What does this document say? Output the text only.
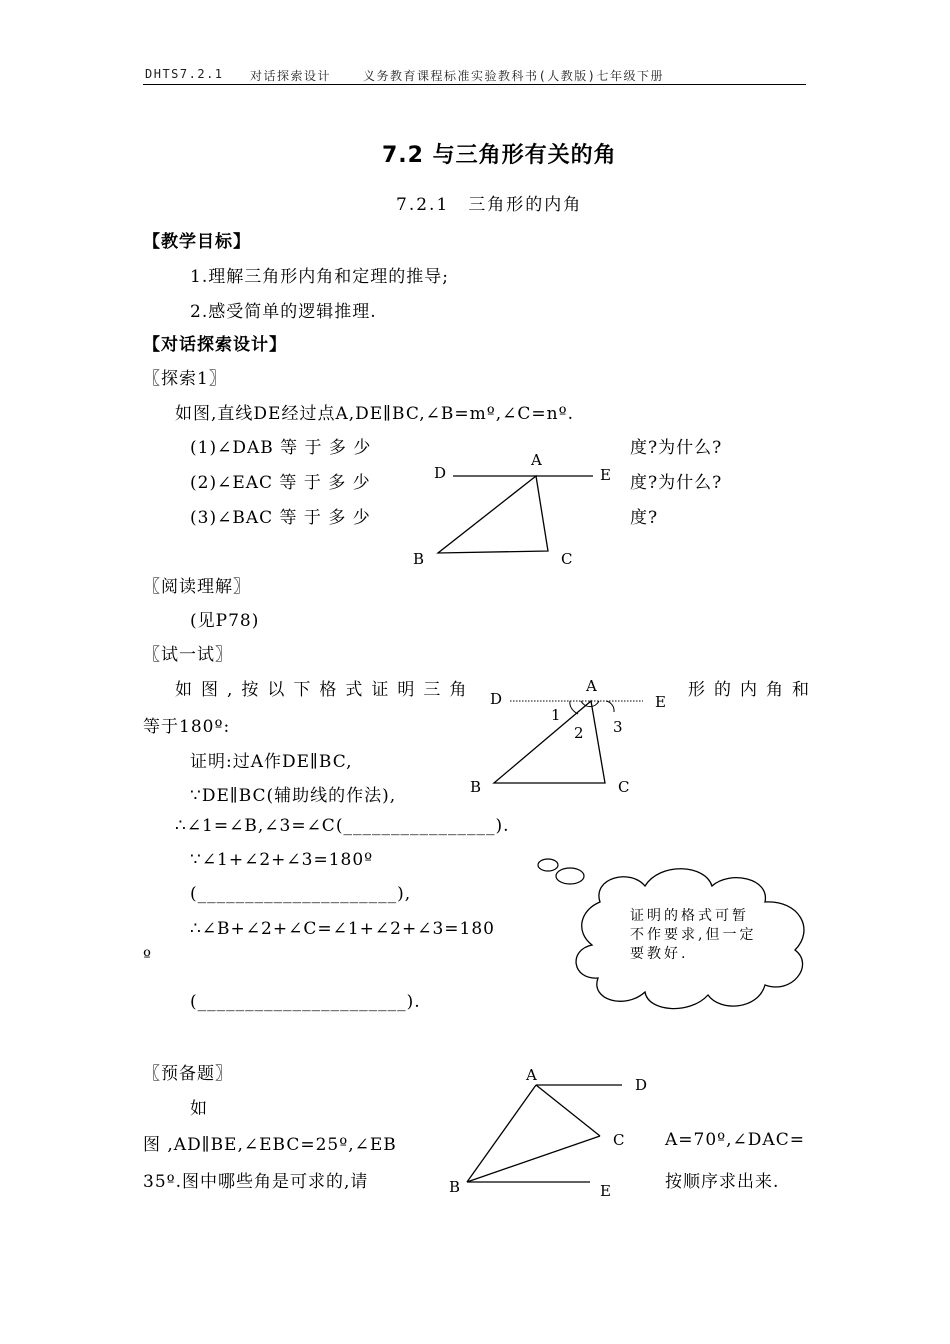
DHTS7.2.1 对话探索设计	义务教育课程标准实验教科书(人教版)七年级下册
7.2 与三角形有关的角
7.2.1　三角形的内角
【教学目标】
1.理解三角形内角和定理的推导;
2.感受简单的逻辑推理.
【对话探索设计】
〖探索1〗
如图,直线DE经过点A,DE∥BC,∠B=mº,∠C=nº.
(1)∠DAB 等 于 多 少	度?为什么?
(2)∠EAC 等 于 多 少	度?为什么?
(3)∠BAC 等 于 多 少	度?
D
A
E
B	C
〖阅读理解〗
(见P78)
〖试一试〗
如图,按以下格式证明三角	形的内角和
等于180º:
证明:过A作DE∥BC,
∵DE∥BC(辅助线的作法),
∴∠1=∠B,∠3=∠C(________________).
∵∠1+∠2+∠3=180º
(_____________________),
∴∠B+∠2+∠C=∠1+∠2+∠3=180
º
(______________________).
D
A
E
1
2 3
B	C
证明的格式可暂
不作要求,但一定
要教好.
〖预备题〗
如
图 ,AD∥BE,∠EBC=25º,∠EB	A=70º,∠DAC=
35º.图中哪些角是可求的,请	按顺序求出来.
A
D
C
B	E
